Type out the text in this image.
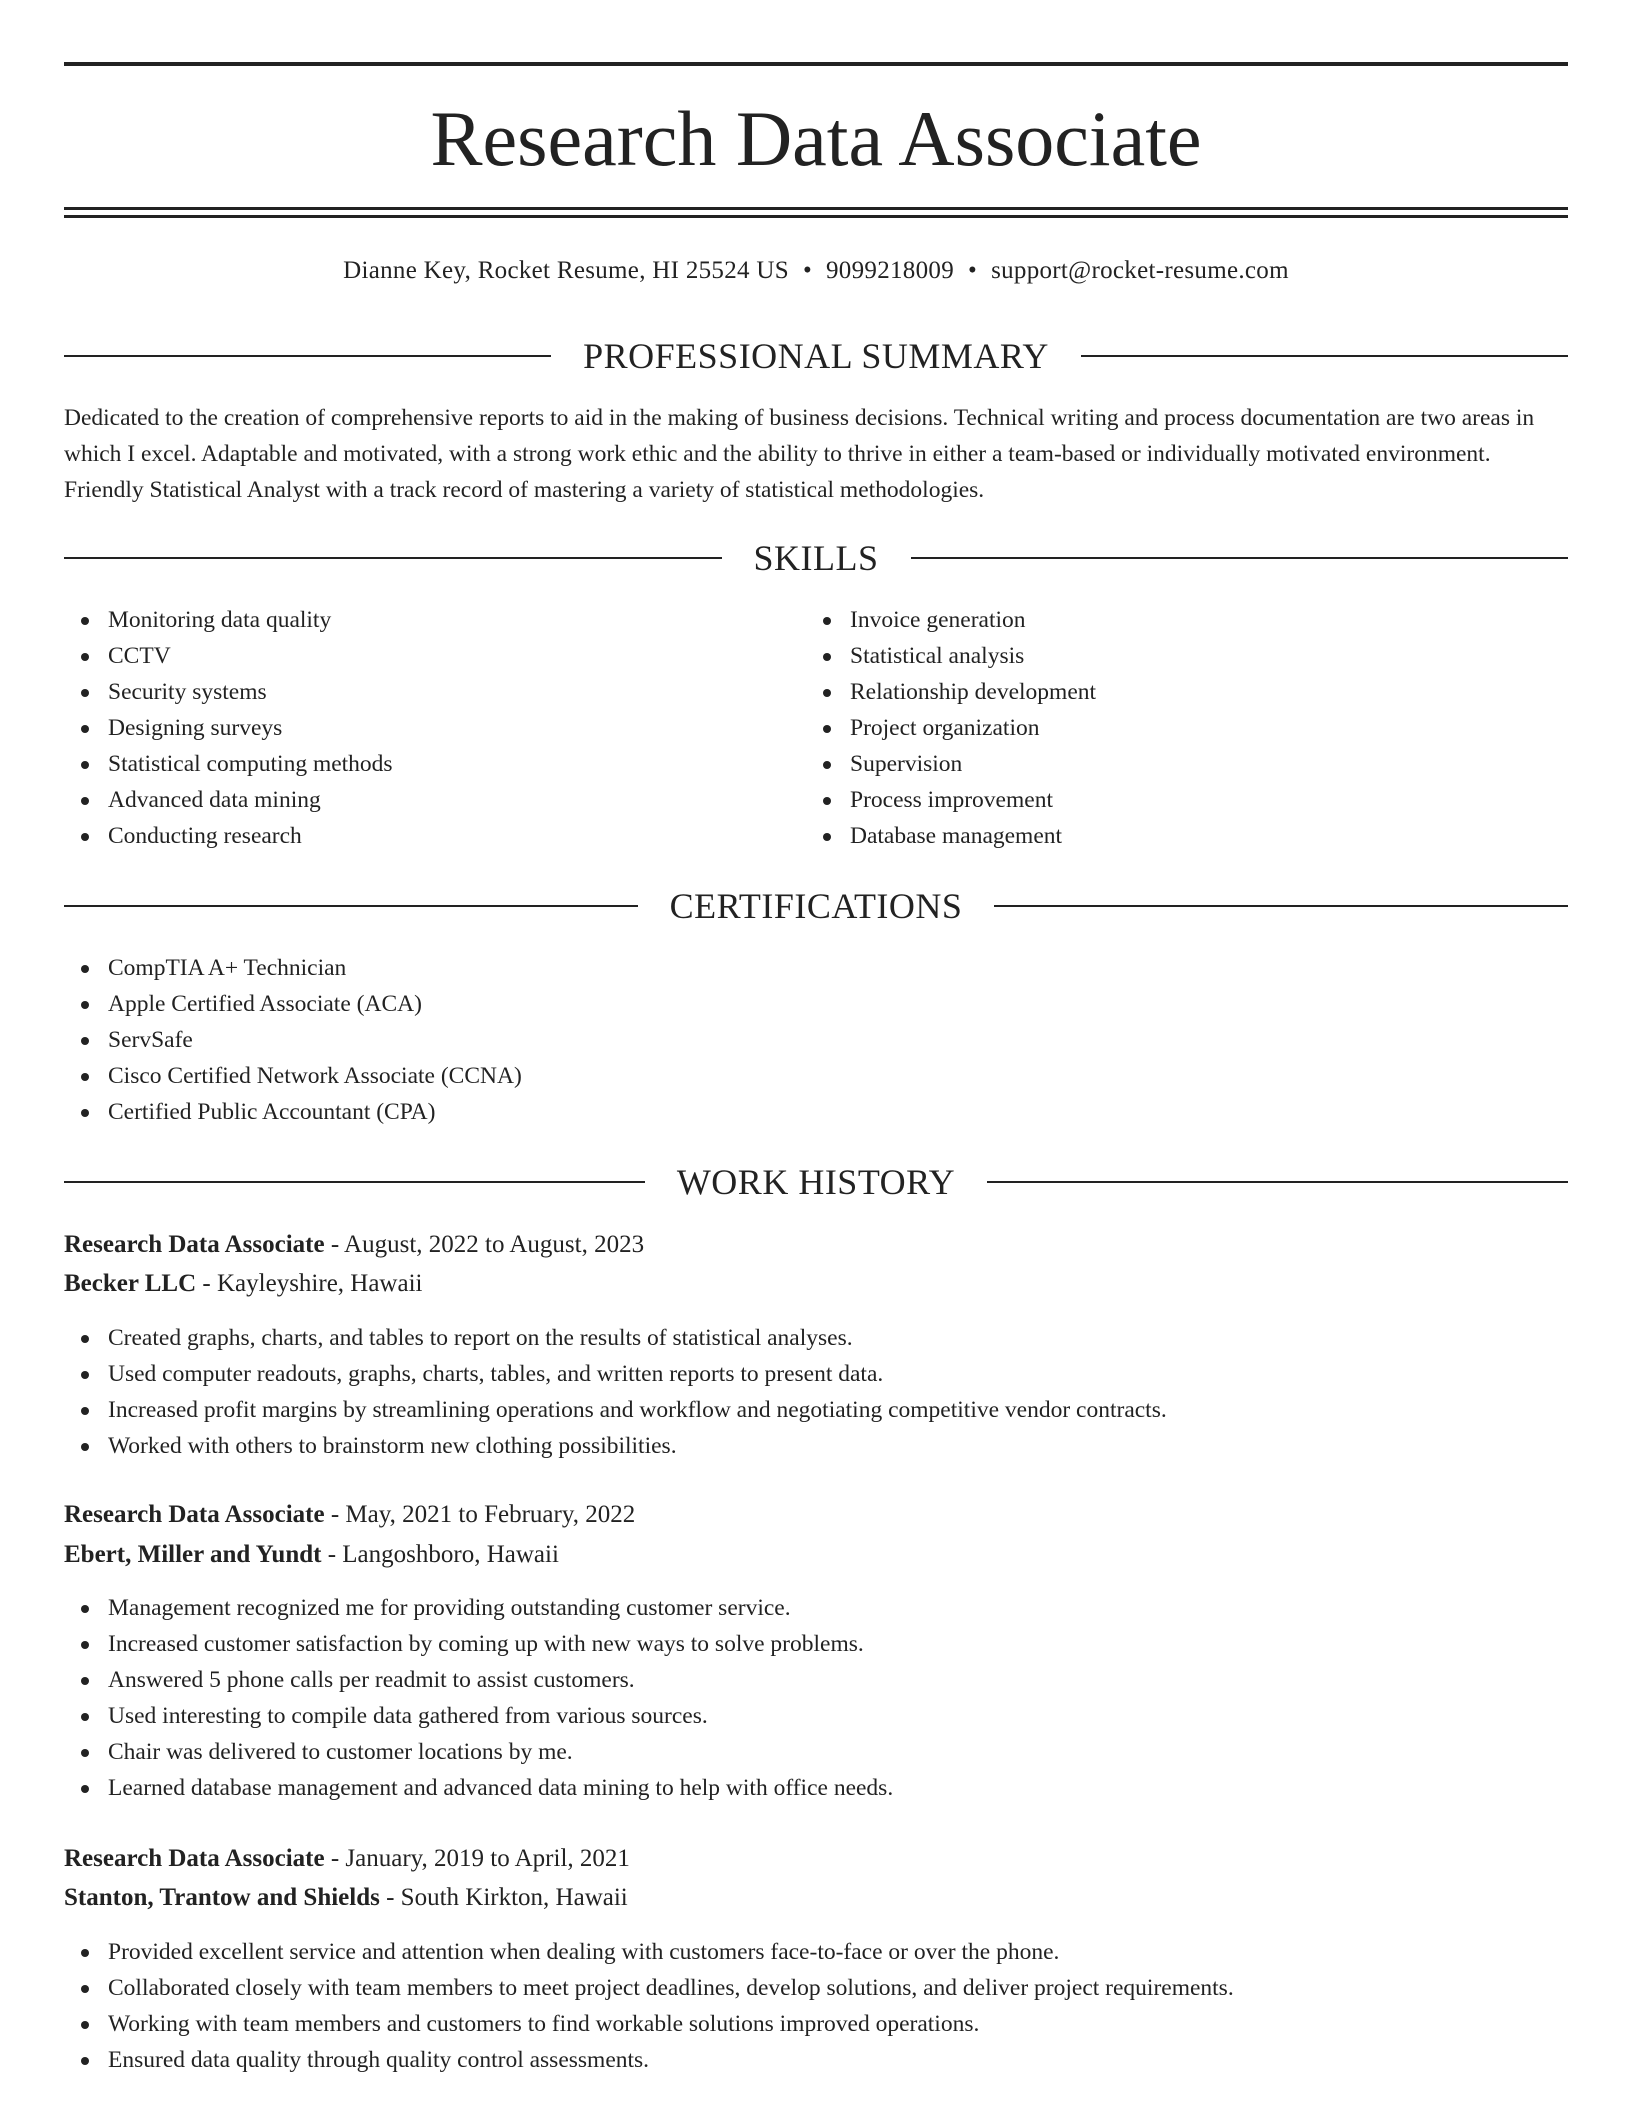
Research Data Associate
Dianne Key, Rocket Resume, HI 25524 US • 9099218009 • support@rocket-resume.com
PROFESSIONAL SUMMARY

Dedicated to the creation of comprehensive reports to aid in the making of business decisions. Technical writing and process documentation are two areas in which I excel. Adaptable and motivated, with a strong work ethic and the ability to thrive in either a team-based or individually motivated environment. Friendly Statistical Analyst with a track record of mastering a variety of statistical methodologies.

SKILLS
Monitoring data quality
CCTV
Security systems
Designing surveys
Statistical computing methods
Advanced data mining
Conducting research
Invoice generation
Statistical analysis
Relationship development
Project organization
Supervision
Process improvement
Database management
CERTIFICATIONS
CompTIA A+ Technician
Apple Certified Associate (ACA)
ServSafe
Cisco Certified Network Associate (CCNA)
Certified Public Accountant (CPA)
WORK HISTORY
Research Data Associate - August, 2022 to August, 2023
Becker LLC - Kayleyshire, Hawaii
Created graphs, charts, and tables to report on the results of statistical analyses.
Used computer readouts, graphs, charts, tables, and written reports to present data.
Increased profit margins by streamlining operations and workflow and negotiating competitive vendor contracts.
Worked with others to brainstorm new clothing possibilities.
Research Data Associate - May, 2021 to February, 2022
Ebert, Miller and Yundt - Langoshboro, Hawaii
Management recognized me for providing outstanding customer service.
Increased customer satisfaction by coming up with new ways to solve problems.
Answered 5 phone calls per readmit to assist customers.
Used interesting to compile data gathered from various sources.
Chair was delivered to customer locations by me.
Learned database management and advanced data mining to help with office needs.
Research Data Associate - January, 2019 to April, 2021
Stanton, Trantow and Shields - South Kirkton, Hawaii
Provided excellent service and attention when dealing with customers face-to-face or over the phone.
Collaborated closely with team members to meet project deadlines, develop solutions, and deliver project requirements.
Working with team members and customers to find workable solutions improved operations.
Ensured data quality through quality control assessments.
